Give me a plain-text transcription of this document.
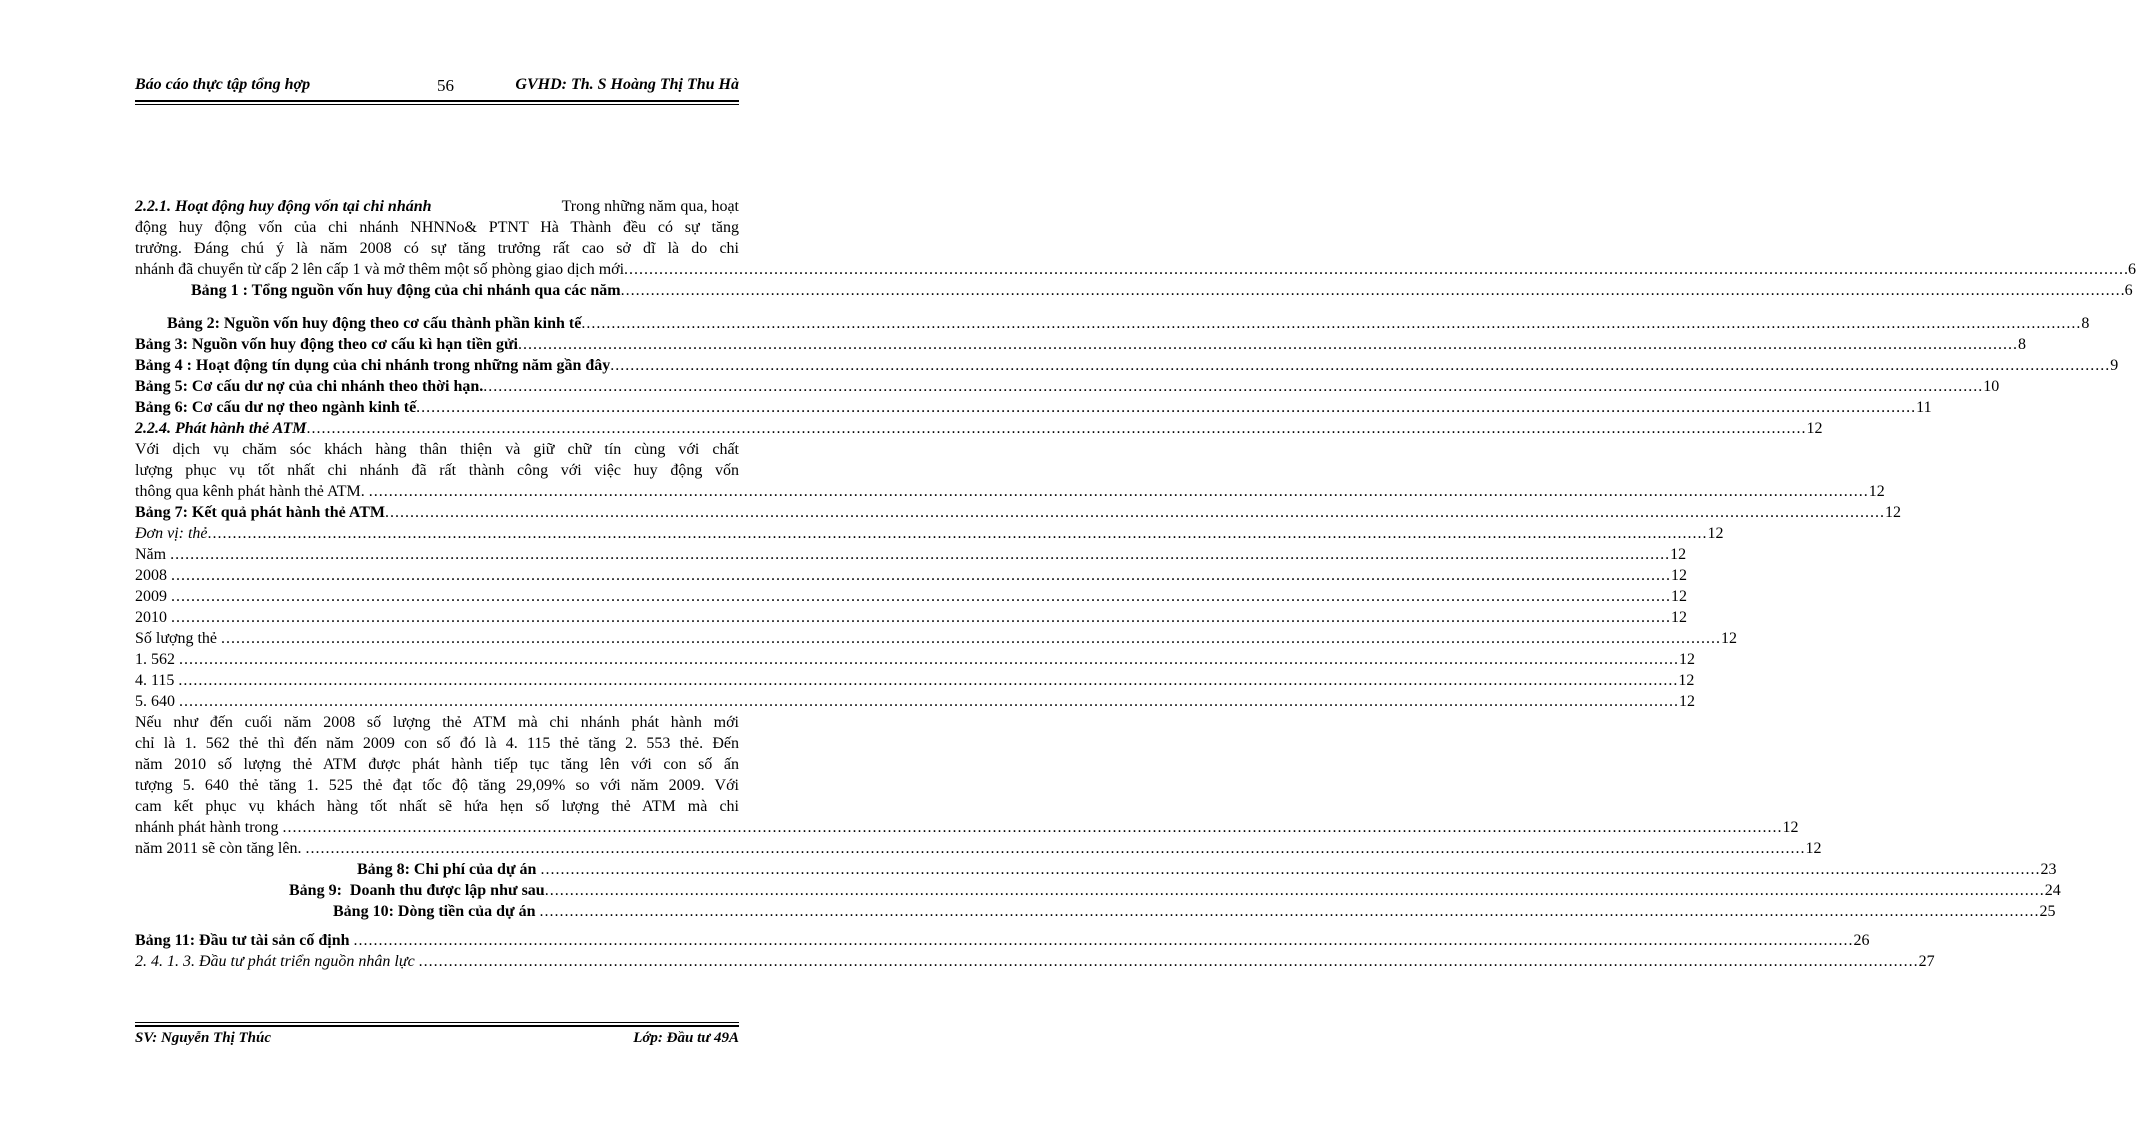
Báo cáo thực tập tổng hợp	56	GVHD: Th. S Hoàng Thị Thu Hà
2.2.1. Hoạt động huy động vốn tại chi nhánh	Trong những năm qua, hoạt
động huy động vốn của chi nhánh NHNNo& PTNT Hà Thành đều có sự tăng
trưởng. Đáng chú ý là năm 2008 có sự tăng trưởng rất cao sở dĩ là do chi
nhánh đã chuyển từ cấp 2 lên cấp 1 và mở thêm một số phòng giao dịch mới ............................................................................................................................................................................................................................................................................................................ .6
Bảng 1 : Tổng nguồn vốn huy động của chi nhánh qua các năm ............................................................................................................................................................................................................................................................................................................ .6
Bảng 2: Nguồn vốn huy động theo cơ cấu thành phần kinh tế ............................................................................................................................................................................................................................................................................................................ 8
Bảng 3: Nguồn vốn huy động theo cơ cấu kì hạn tiền gửi ............................................................................................................................................................................................................................................................................................................ 8
Bảng 4 : Hoạt động tín dụng của chi nhánh trong những năm gần đây ............................................................................................................................................................................................................................................................................................................ 9
Bảng 5: Cơ cấu dư nợ của chi nhánh theo thời hạn. ............................................................................................................................................................................................................................................................................................................ 10
Bảng 6: Cơ cấu dư nợ theo ngành kinh tế ............................................................................................................................................................................................................................................................................................................ 11
2.2.4. Phát hành thẻ ATM ............................................................................................................................................................................................................................................................................................................ 12
Với dịch vụ chăm sóc khách hàng thân thiện và giữ chữ tín cùng với chất
lượng phục vụ tốt nhất chi nhánh đã rất thành công với việc huy động vốn
thông qua kênh phát hành thẻ ATM. ............................................................................................................................................................................................................................................................................................................ 12
Bảng 7: Kết quả phát hành thẻ ATM ............................................................................................................................................................................................................................................................................................................ 12
Đơn vị: thẻ ............................................................................................................................................................................................................................................................................................................ 12
Năm ............................................................................................................................................................................................................................................................................................................ 12
2008 ............................................................................................................................................................................................................................................................................................................ 12
2009 ............................................................................................................................................................................................................................................................................................................ 12
2010 ............................................................................................................................................................................................................................................................................................................ 12
Số lượng thẻ ............................................................................................................................................................................................................................................................................................................ 12
1. 562 ............................................................................................................................................................................................................................................................................................................ 12
4. 115 ............................................................................................................................................................................................................................................................................................................ 12
5. 640 ............................................................................................................................................................................................................................................................................................................ 12
Nếu như đến cuối năm 2008 số lượng thẻ ATM mà chi nhánh phát hành mới
chỉ là 1. 562 thẻ thì đến năm 2009 con số đó là 4. 115 thẻ tăng 2. 553 thẻ. Đến
năm 2010 số lượng thẻ ATM được phát hành tiếp tục tăng lên với con số ấn
tượng 5. 640 thẻ tăng 1. 525 thẻ đạt tốc độ tăng 29,09% so với năm 2009. Với
cam kết phục vụ khách hàng tốt nhất sẽ hứa hẹn số lượng thẻ ATM mà chi
nhánh phát hành trong ............................................................................................................................................................................................................................................................................................................ 12
năm 2011 sẽ còn tăng lên. ............................................................................................................................................................................................................................................................................................................ 12
Bảng 8: Chi phí của dự án ............................................................................................................................................................................................................................................................................................................ 23
Bảng 9:  Doanh thu được lập như sau ............................................................................................................................................................................................................................................................................................................ 24
Bảng 10: Dòng tiền của dự án ............................................................................................................................................................................................................................................................................................................ 25
Bảng 11: Đầu tư tài sản cố định ............................................................................................................................................................................................................................................................................................................ 26
2. 4. 1. 3. Đầu tư phát triển nguồn nhân lực ............................................................................................................................................................................................................................................................................................................ 27
SV: Nguyễn Thị Thúc	Lớp: Đầu tư 49A
